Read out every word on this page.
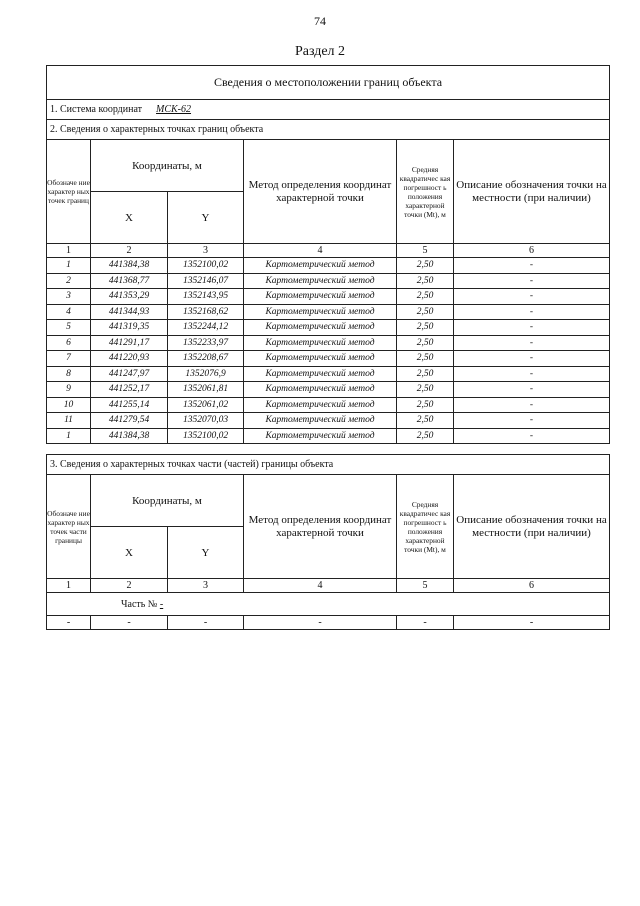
74
Раздел 2
Сведения о местоположении границ объекта					
1. Система координат МСК-62					
2. Сведения о характерных точках границ объекта					
Обозначе ние характер ных точек границ	Координаты, м		Метод определения координат характерной точки	Средняя квадратичес кая погрешност ь положения характерной точки (Mt), м	Описание обозначения точки на местности (при наличии)
	X	Y			
1	2	3	4	5	6
1	441384,38	1352100,02	Картометрический метод	2,50	-
2	441368,77	1352146,07	Картометрический метод	2,50	-
3	441353,29	1352143,95	Картометрический метод	2,50	-
4	441344,93	1352168,62	Картометрический метод	2,50	-
5	441319,35	1352244,12	Картометрический метод	2,50	-
6	441291,17	1352233,97	Картометрический метод	2,50	-
7	441220,93	1352208,67	Картометрический метод	2,50	-
8	441247,97	1352076,9	Картометрический метод	2,50	-
9	441252,17	1352061,81	Картометрический метод	2,50	-
10	441255,14	1352061,02	Картометрический метод	2,50	-
11	441279,54	1352070,03	Картометрический метод	2,50	-
1	441384,38	1352100,02	Картометрический метод	2,50	-
3. Сведения о характерных точках части (частей) границы объекта					
Обозначе ние характер ных точек части границы	Координаты, м		Метод определения координат характерной точки	Средняя квадратичес кая погрешност ь положения характерной точки (Mt), м	Описание обозначения точки на местности (при наличии)
	X	Y			
1	2	3	4	5	6
Часть № -					
-	-	-	-	-	-
